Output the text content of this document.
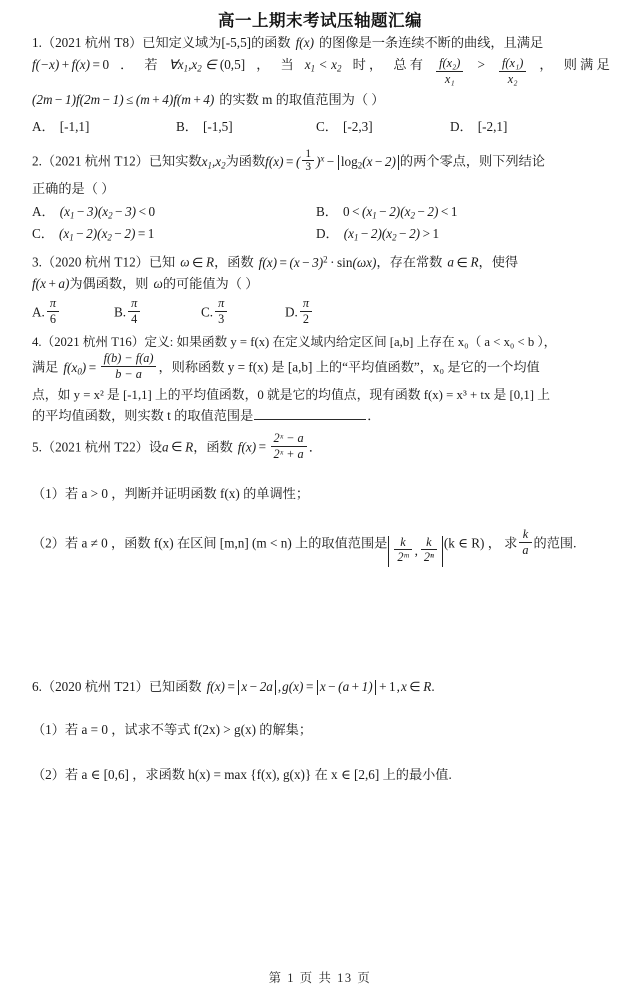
高一上期末考试压轴题汇编
1.（2021 杭州 T8）已知定义域为[-5,5]的函数 f(x) 的图像是一条连续不断的曲线，且满足
f(−x) + f(x) = 0 ． 若 $\forall x_1,x_2$ ∈ (0,5] ， 当 $x_1 < x_2$ 时 ， 总 有 $\frac{\text{f(x₂)}}{\text{x₁}} > \frac{\text{f(x₁)}}{\text{x₂}}$ ， 则 满 足
(2m − 1)f(2m − 1) ≤ (m + 4)f(m + 4) 的实数 m 的取值范围为（ ）
A． [-1,1]	B． [-1,5]	C． [-2,3]	D． [-2,1]
2.（2021 杭州 T12）已知实数$x_1,x_2$为函数f(x) = ( $\frac{1}{3} )^x - \log_2(x - 2)$ 的两个零点，则下列结论
正确的是（ ）
A． $(x_1 - 3)(x_2 - 3) < 0$	B． $0 < (x_1 - 2)(x_2 - 2) < 1$
C． $(x_1 - 2)(x_2 - 2) = 1$	D． $(x_1 - 2)(x_2 - 2) > 1$
3.（2020 杭州 T12）已知 ω ∈ R，函数 $f(x) = (x - 3)^2 \cdot \sin(\omega x)$，存在常数 a ∈ R，使得
f(x + a)为偶函数，则 ω的可能值为（ ）
A. $\frac{\pi}{6}$	B. $\frac{\pi}{4}$	C. $\frac{\pi}{3}$	D. $\frac{\pi}{2}$
4.（2021 杭州 T16）定义: 如果函数 y = f(x) 在定义域内给定区间 [a,b] 上存在 x₀（ a < x₀ < b ），
满足 $f(x_0) = \frac{f(b) - f(a)}{b - a}$ ，则称函数 y = f(x) 是 [a,b] 上的“平均值函数”，x₀ 是它的一个均值
点，如 y = x² 是 [-1,1] 上的平均值函数，0 就是它的均值点，现有函数 f(x) = x³ + tx 是 [0,1] 上
的平均值函数，则实数 t 的取值范围是	．
5.（2021 杭州 T22）设a ∈ R，函数 $f(x) = \frac{\text{2ˣ − a}}{\text{2ˣ + a}}$ ．
（1）若 a > 0 ，判断并证明函数 f(x) 的单调性；
（2）若 a ≠ 0 ，函数 f(x) 在区间 [m,n] (m < n) 上的取值范围是 $\frac{k}{\text{2ᵐ}}$ , $\frac{k}{\text{2ⁿ}} (k$ ∈ R) ， 求 $\frac{k}{a}$ 的范围.
6.（2020 杭州 T21）已知函数 f(x) = x − 2a ,g(x) = x − (a + 1) + 1,x ∈ R.
（1）若 a = 0 ，试求不等式 f(2x) > g(x) 的解集；
（2）若 a ∈ [0,6] ，求函数 h(x) = max {f(x), g(x)} 在 x ∈ [2,6] 上的最小值.
第 1 页 共 13 页
